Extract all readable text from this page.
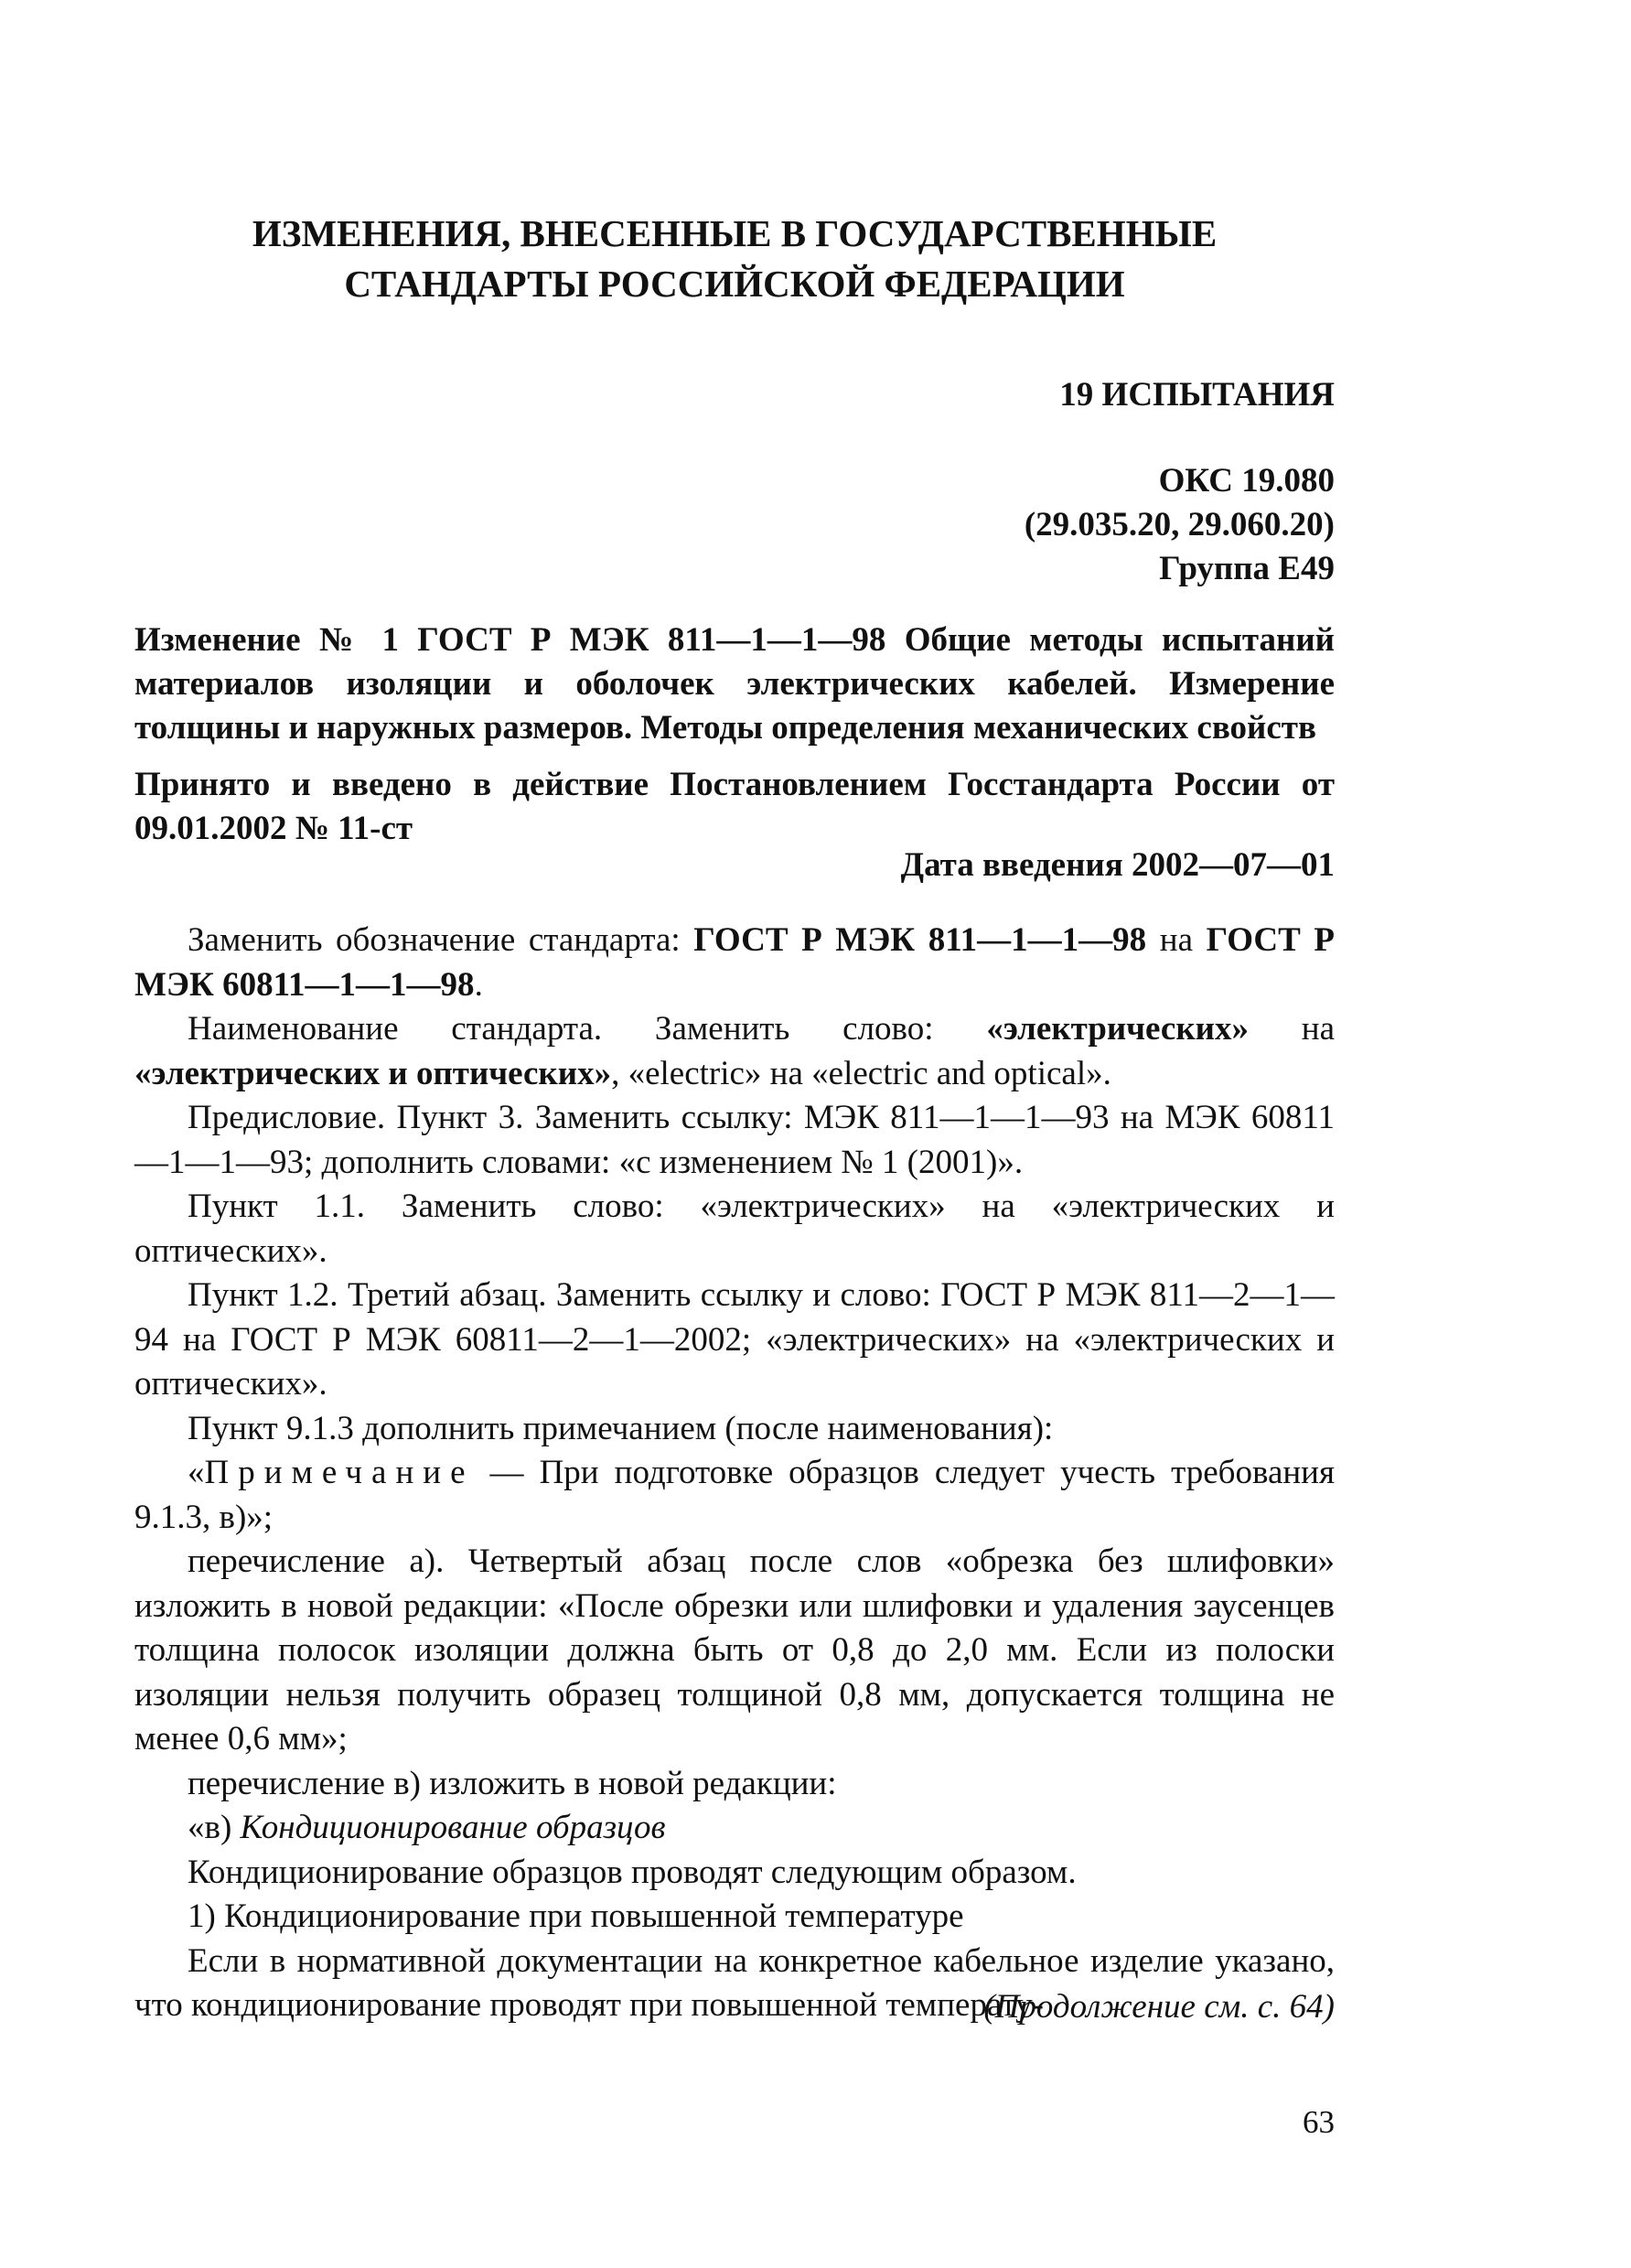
ИЗМЕНЕНИЯ, ВНЕСЕННЫЕ В ГОСУДАРСТВЕННЫЕ
СТАНДАРТЫ РОССИЙСКОЙ ФЕДЕРАЦИИ
19 ИСПЫТАНИЯ
ОКС 19.080
(29.035.20, 29.060.20)
Группа Е49

Изменение № 1 ГОСТ Р МЭК 811—1—1—98 Общие методы испытаний материалов изоляции и оболочек электрических кабелей. Измерение толщины и наружных размеров. Методы определения механических свойств

Принято и введено в действие Постановлением Госстандарта России от 09.01.2002 № 11-ст

Дата введения 2002—07—01

Заменить обозначение стандарта: ГОСТ Р МЭК 811—1—1—98 на ГОСТ Р МЭК 60811—1—1—98.

Наименование стандарта. Заменить слово: «электрических» на «электрических и оптических», «electric» на «electric and optical».

Предисловие. Пункт 3. Заменить ссылку: МЭК 811—1—1—93 на МЭК 60811—1—1—93; дополнить словами: «с изменением № 1 (2001)».

Пункт 1.1. Заменить слово: «электрических» на «электрических и оптических».

Пункт 1.2. Третий абзац. Заменить ссылку и слово: ГОСТ Р МЭК 811—2—1—94 на ГОСТ Р МЭК 60811—2—1—2002; «электрических» на «электрических и оптических».

Пункт 9.1.3 дополнить примечанием (после наименования):

«Примечание — При подготовке образцов следует учесть требования 9.1.3, в)»;

перечисление а). Четвертый абзац после слов «обрезка без шлифовки» изложить в новой редакции: «После обрезки или шлифовки и удаления заусенцев толщина полосок изоляции должна быть от 0,8 до 2,0 мм. Если из полоски изоляции нельзя получить образец толщиной 0,8 мм, допускается толщина не менее 0,6 мм»;

перечисление в) изложить в новой редакции:

«в) Кондиционирование образцов

Кондиционирование образцов проводят следующим образом.

1) Кондиционирование при повышенной температуре

Если в нормативной документации на конкретное кабельное изделие указано, что кондиционирование проводят при повышенной температу-

(Продолжение см. с. 64)
63
